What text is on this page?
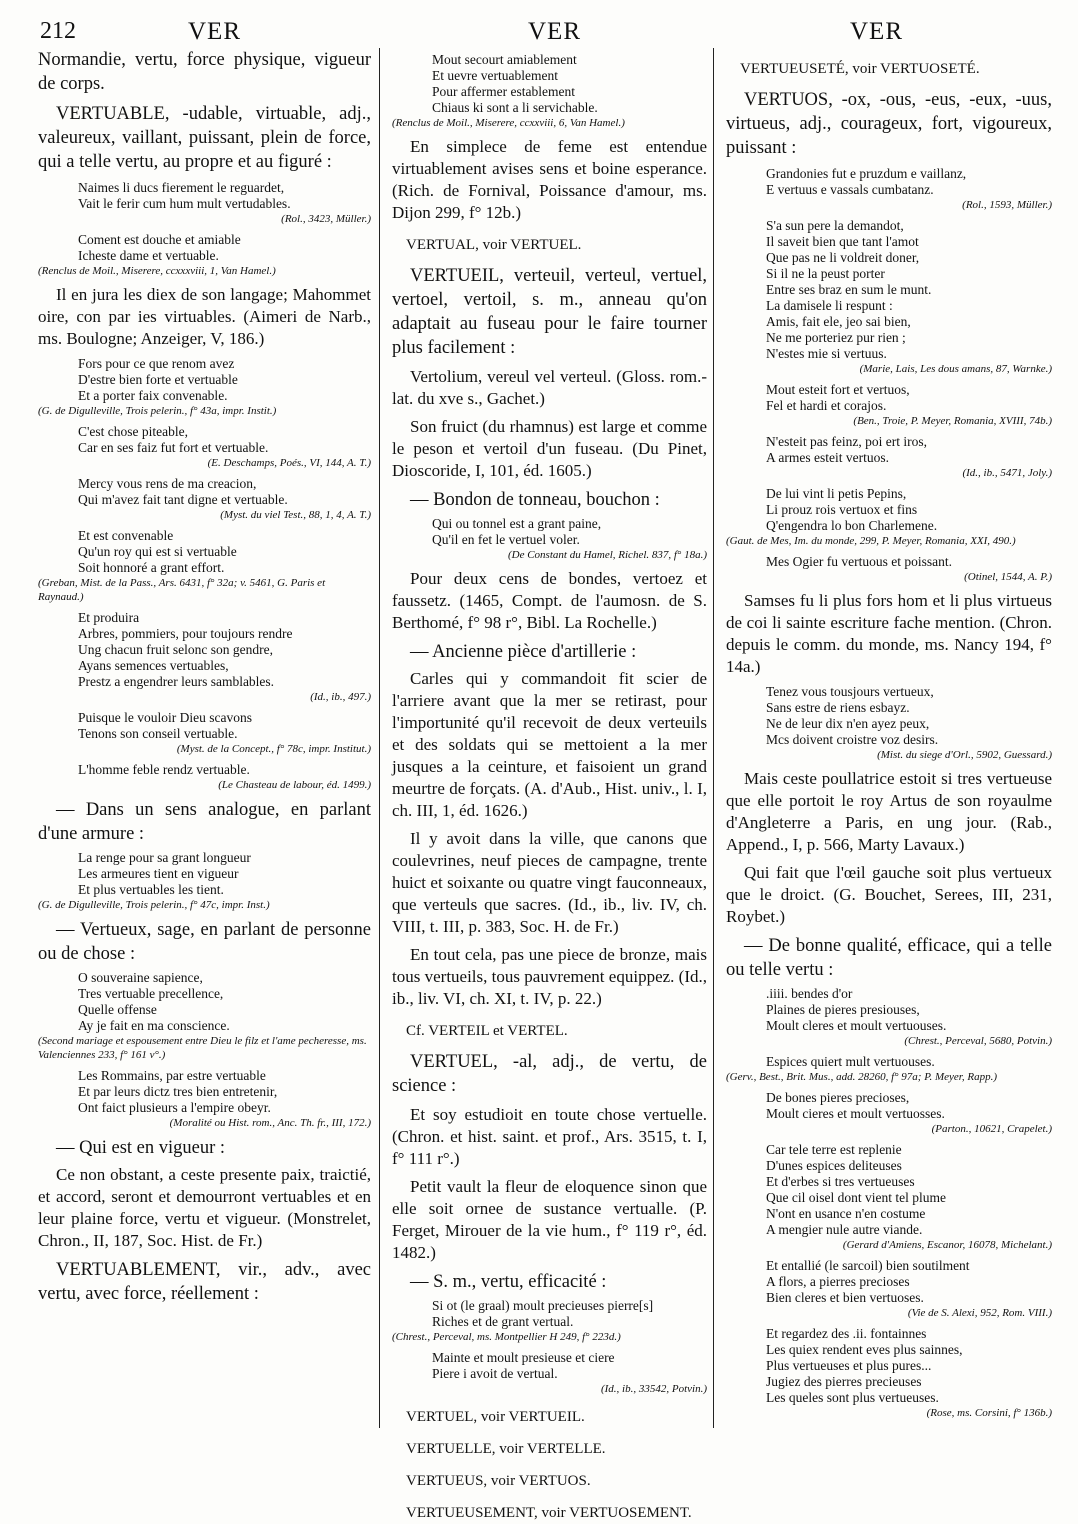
212	VER	VER	VER

Normandie, vertu, force physique, vigueur de corps.

VERTUABLE, -udable, virtuable, adj., valeureux, vaillant, puissant, plein de force, qui a telle vertu, au propre et au figuré :

Naimes li ducs fierement le reguardet,
Vait le ferir cum hum mult vertudables.
(Rol., 3423, Müller.)
Coment est douche et amiable
Icheste dame et vertuable.
(Renclus de Moil., Miserere, ccxxxviii, 1, Van Hamel.)

Il en jura les diex de son langage; Mahommet oire, con par ies virtuables. (Aimeri de Narb., ms. Boulogne; Anzeiger, V, 186.)

Fors pour ce que renom avez
D'estre bien forte et vertuable
Et a porter faix convenable.
(G. de Digulleville, Trois pelerin., f° 43a, impr. Instit.)
C'est chose piteable,
Car en ses faiz fut fort et vertuable.
(E. Deschamps, Poés., VI, 144, A. T.)
Mercy vous rens de ma creacion,
Qui m'avez fait tant digne et vertuable.
(Myst. du viel Test., 88, 1, 4, A. T.)
Et est convenable
Qu'un roy qui est si vertuable
Soit honnoré a grant effort.
(Greban, Mist. de la Pass., Ars. 6431, f° 32a; v. 5461, G. Paris et Raynaud.)
Et produira
Arbres, pommiers, pour toujours rendre
Ung chacun fruit selonc son gendre,
Ayans semences vertuables,
Prestz a engendrer leurs samblables.
(Id., ib., 497.)
Puisque le vouloir Dieu scavons
Tenons son conseil vertuable.
(Myst. de la Concept., f° 78c, impr. Institut.)
L'homme feble rendz vertuable.
(Le Chasteau de labour, éd. 1499.)

— Dans un sens analogue, en parlant d'une armure :

La renge pour sa grant longueur
Les armeures tient en vigueur
Et plus vertuables les tient.
(G. de Digulleville, Trois pelerin., f° 47c, impr. Inst.)

— Vertueux, sage, en parlant de personne ou de chose :

O souveraine sapience,
Tres vertuable precellence,
Quelle offense
Ay je fait en ma conscience.
(Second mariage et espousement entre Dieu le filz et l'ame pecheresse, ms. Valenciennes 233, f° 161 v°.)
Les Rommains, par estre vertuable
Et par leurs dictz tres bien entretenir,
Ont faict plusieurs a l'empire obeyr.
(Moralité ou Hist. rom., Anc. Th. fr., III, 172.)

— Qui est en vigueur :

Ce non obstant, a ceste presente paix, traictié, et accord, seront et demourront vertuables et en leur plaine force, vertu et vigueur. (Monstrelet, Chron., II, 187, Soc. Hist. de Fr.)

VERTUABLEMENT, vir., adv., avec vertu, avec force, réellement :

Mout secourt amiablement
Et uevre vertuablement
Pour affermer establement
Chiaus ki sont a li servichable.
(Renclus de Moil., Miserere, ccxxviii, 6, Van Hamel.)

En simplece de feme est entendue virtuablement avises sens et boine esperance. (Rich. de Fornival, Poissance d'amour, ms. Dijon 299, f° 12b.)

VERTUAL, voir VERTUEL.

VERTUEIL, verteuil, verteul, vertuel, vertoel, vertoil, s. m., anneau qu'on adaptait au fuseau pour le faire tourner plus facilement :

Vertolium, vereul vel verteul. (Gloss. rom.-lat. du xve s., Gachet.)

Son fruict (du rhamnus) est large et comme le peson et vertoil d'un fuseau. (Du Pinet, Dioscoride, I, 101, éd. 1605.)

— Bondon de tonneau, bouchon :

Qui ou tonnel est a grant paine,
Qu'il en fet le vertuel voler.
(De Constant du Hamel, Richel. 837, f° 18a.)

Pour deux cens de bondes, vertoez et faussetz. (1465, Compt. de l'aumosn. de S. Berthomé, f° 98 r°, Bibl. La Rochelle.)

— Ancienne pièce d'artillerie :

Carles qui y commandoit fit scier de l'arriere avant que la mer se retirast, pour l'importunité qu'il recevoit de deux verteuils et des soldats qui se mettoient a la mer jusques a la ceinture, et faisoient un grand meurtre de forçats. (A. d'Aub., Hist. univ., l. I, ch. III, 1, éd. 1626.)

Il y avoit dans la ville, que canons que coulevrines, neuf pieces de campagne, trente huict et soixante ou quatre vingt fauconneaux, que verteuls que sacres. (Id., ib., liv. IV, ch. VIII, t. III, p. 383, Soc. H. de Fr.)

En tout cela, pas une piece de bronze, mais tous vertueils, tous pauvrement equippez. (Id., ib., liv. VI, ch. XI, t. IV, p. 22.)

Cf. VERTEIL et VERTEL.

VERTUEL, -al, adj., de vertu, de science :

Et soy estudioit en toute chose vertuelle. (Chron. et hist. saint. et prof., Ars. 3515, t. I, f° 111 r°.)

Petit vault la fleur de eloquence sinon que elle soit ornee de sustance vertualle. (P. Ferget, Mirouer de la vie hum., f° 119 r°, éd. 1482.)

— S. m., vertu, efficacité :

Si ot (le graal) moult precieuses pierre[s]
Riches et de grant vertual.
(Chrest., Perceval, ms. Montpellier H 249, f° 223d.)
Mainte et moult presieuse et ciere
Piere i avoit de vertual.
(Id., ib., 33542, Potvin.)

VERTUEL, voir VERTUEIL.

VERTUELLE, voir VERTELLE.

VERTUEUS, voir VERTUOS.

VERTUEUSEMENT, voir VERTUOSEMENT.

VERTUEUSETÉ, voir VERTUOSETÉ.

VERTUOS, -ox, -ous, -eus, -eux, -uus, virtueus, adj., courageux, fort, vigoureux, puissant :

Grandonies fut e pruzdum e vaillanz,
E vertuus e vassals cumbatanz.
(Rol., 1593, Müller.)
S'a sun pere la demandot,
Il saveit bien que tant l'amot
Que pas ne li voldreit doner,
Si il ne la peust porter
Entre ses braz en sum le munt.
La damisele li respunt :
Amis, fait ele, jeo sai bien,
Ne me porteriez pur rien ;
N'estes mie si vertuus.
(Marie, Lais, Les dous amans, 87, Warnke.)
Mout esteit fort et vertuos,
Fel et hardi et corajos.
(Ben., Troie, P. Meyer, Romania, XVIII, 74b.)
N'esteit pas feinz, poi ert iros,
A armes esteit vertuos.
(Id., ib., 5471, Joly.)
De lui vint li petis Pepins,
Li prouz rois vertuox et fins
Q'engendra lo bon Charlemene.
(Gaut. de Mes, Im. du monde, 299, P. Meyer, Romania, XXI, 490.)
Mes Ogier fu vertuous et poissant.
(Otinel, 1544, A. P.)

Samses fu li plus fors hom et li plus virtueus de coi li sainte escriture fache mention. (Chron. depuis le comm. du monde, ms. Nancy 194, f° 14a.)

Tenez vous tousjours vertueux,
Sans estre de riens esbayz.
Ne de leur dix n'en ayez peux,
Mcs doivent croistre voz desirs.
(Mist. du siege d'Orl., 5902, Guessard.)

Mais ceste poullatrice estoit si tres vertueuse que elle portoit le roy Artus de son royaulme d'Angleterre a Paris, en ung jour. (Rab., Append., I, p. 566, Marty Lavaux.)

Qui fait que l'œil gauche soit plus vertueux que le droict. (G. Bouchet, Serees, III, 231, Roybet.)

— De bonne qualité, efficace, qui a telle ou telle vertu :

.iiii. bendes d'or
Plaines de pieres presiouses,
Moult cleres et moult vertuouses.
(Chrest., Perceval, 5680, Potvin.)
Espices quiert mult vertuouses.
(Gerv., Best., Brit. Mus., add. 28260, f° 97a; P. Meyer, Rapp.)
De bones pieres precioses,
Moult cieres et moult vertuosses.
(Parton., 10621, Crapelet.)
Car tele terre est replenie
D'unes espices deliteuses
Et d'erbes si tres vertueuses
Que cil oisel dont vient tel plume
N'ont en usance n'en costume
A mengier nule autre viande.
(Gerard d'Amiens, Escanor, 16078, Michelant.)
Et entallié (le sarcoil) bien soutilment
A flors, a pierres precioses
Bien cleres et bien vertuoses.
(Vie de S. Alexi, 952, Rom. VIII.)
Et regardez des .ii. fontainnes
Les quiex rendent eves plus sainnes,
Plus vertueuses et plus pures...
Jugiez des pierres precieuses
Les queles sont plus vertueuses.
(Rose, ms. Corsini, f° 136b.)
